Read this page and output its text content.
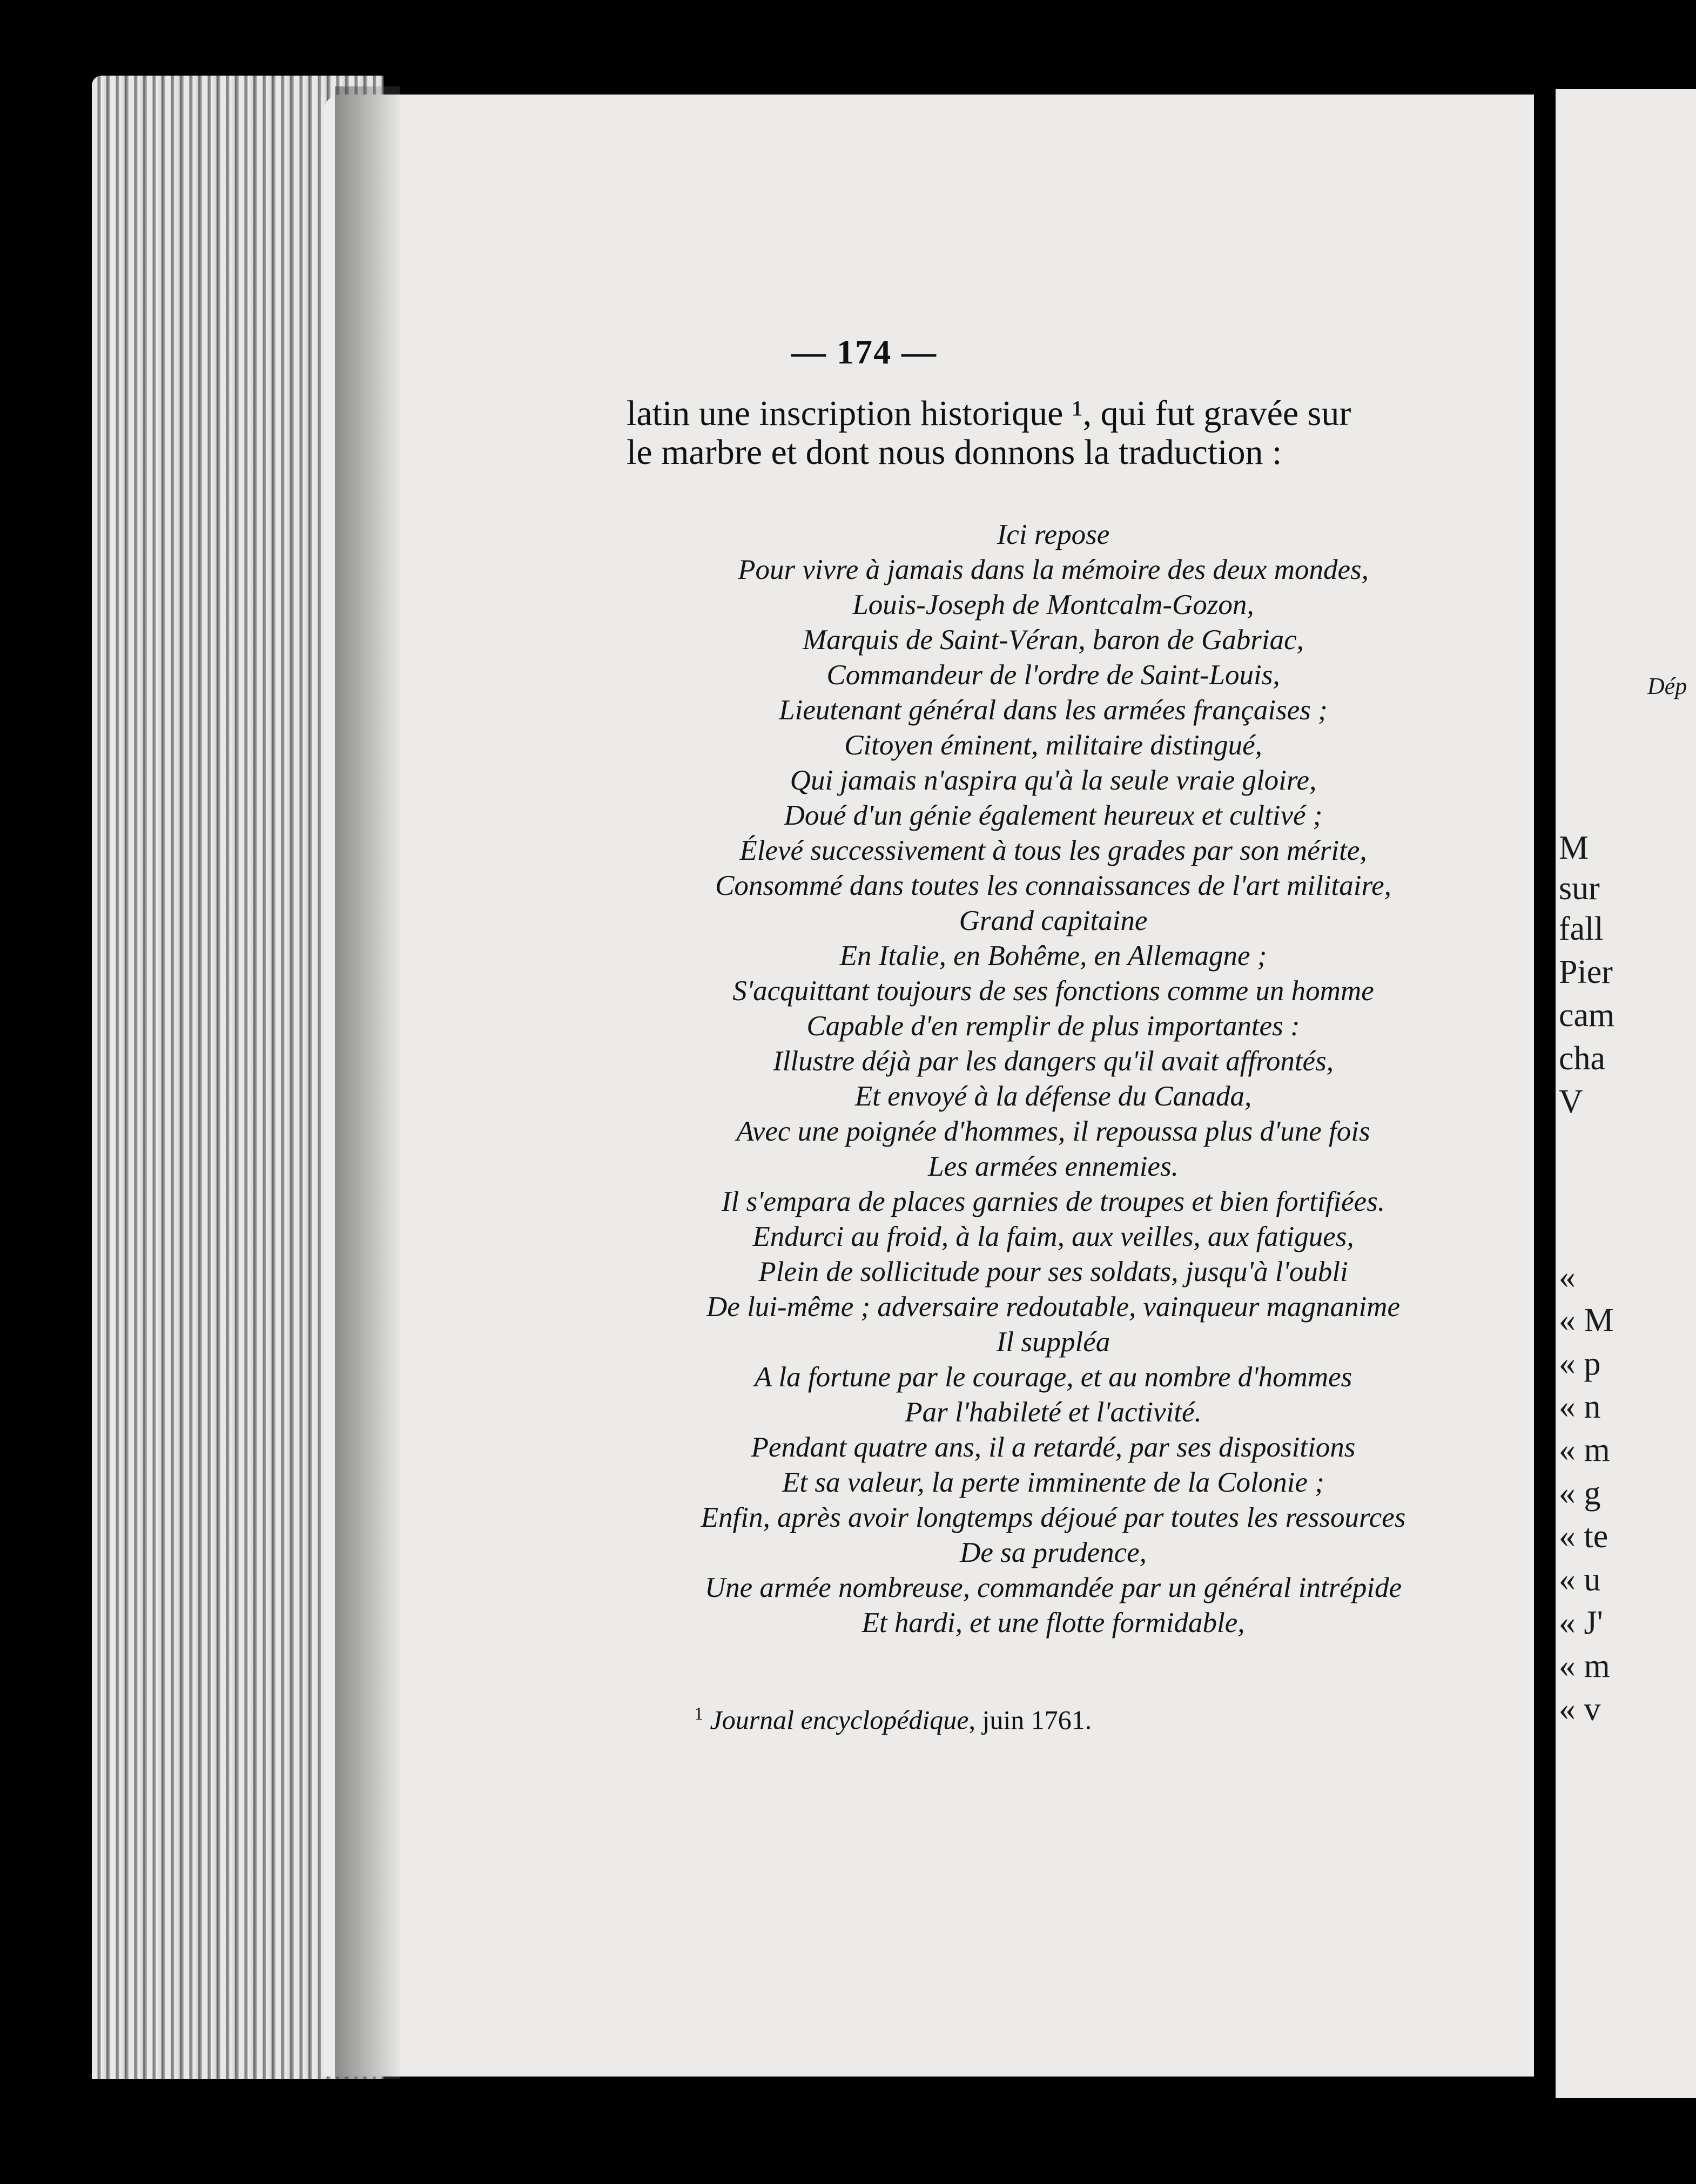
— 174 —
latin une inscription historique ¹, qui fut gravée sur
le marbre et dont nous donnons la traduction :
Ici repose
Pour vivre à jamais dans la mémoire des deux mondes,
Louis-Joseph de Montcalm-Gozon,
Marquis de Saint-Véran, baron de Gabriac,
Commandeur de l'ordre de Saint-Louis,
Lieutenant général dans les armées françaises ;
Citoyen éminent, militaire distingué,
Qui jamais n'aspira qu'à la seule vraie gloire,
Doué d'un génie également heureux et cultivé ;
Élevé successivement à tous les grades par son mérite,
Consommé dans toutes les connaissances de l'art militaire,
Grand capitaine
En Italie, en Bohême, en Allemagne ;
S'acquittant toujours de ses fonctions comme un homme
Capable d'en remplir de plus importantes :
Illustre déjà par les dangers qu'il avait affrontés,
Et envoyé à la défense du Canada,
Avec une poignée d'hommes, il repoussa plus d'une fois
Les armées ennemies.
Il s'empara de places garnies de troupes et bien fortifiées.
Endurci au froid, à la faim, aux veilles, aux fatigues,
Plein de sollicitude pour ses soldats, jusqu'à l'oubli
De lui-même ; adversaire redoutable, vainqueur magnanime
Il suppléa
A la fortune par le courage, et au nombre d'hommes
Par l'habileté et l'activité.
Pendant quatre ans, il a retardé, par ses dispositions
Et sa valeur, la perte imminente de la Colonie ;
Enfin, après avoir longtemps déjoué par toutes les ressources
De sa prudence,
Une armée nombreuse, commandée par un général intrépide
Et hardi, et une flotte formidable,
$^1$ Journal encyclopédique, juin 1761.
Dép
M
sur
fall
Pier
cam
cha
V
«
« M
« p
« n
« m
« g
« te
« u
« J'
« m
« v
